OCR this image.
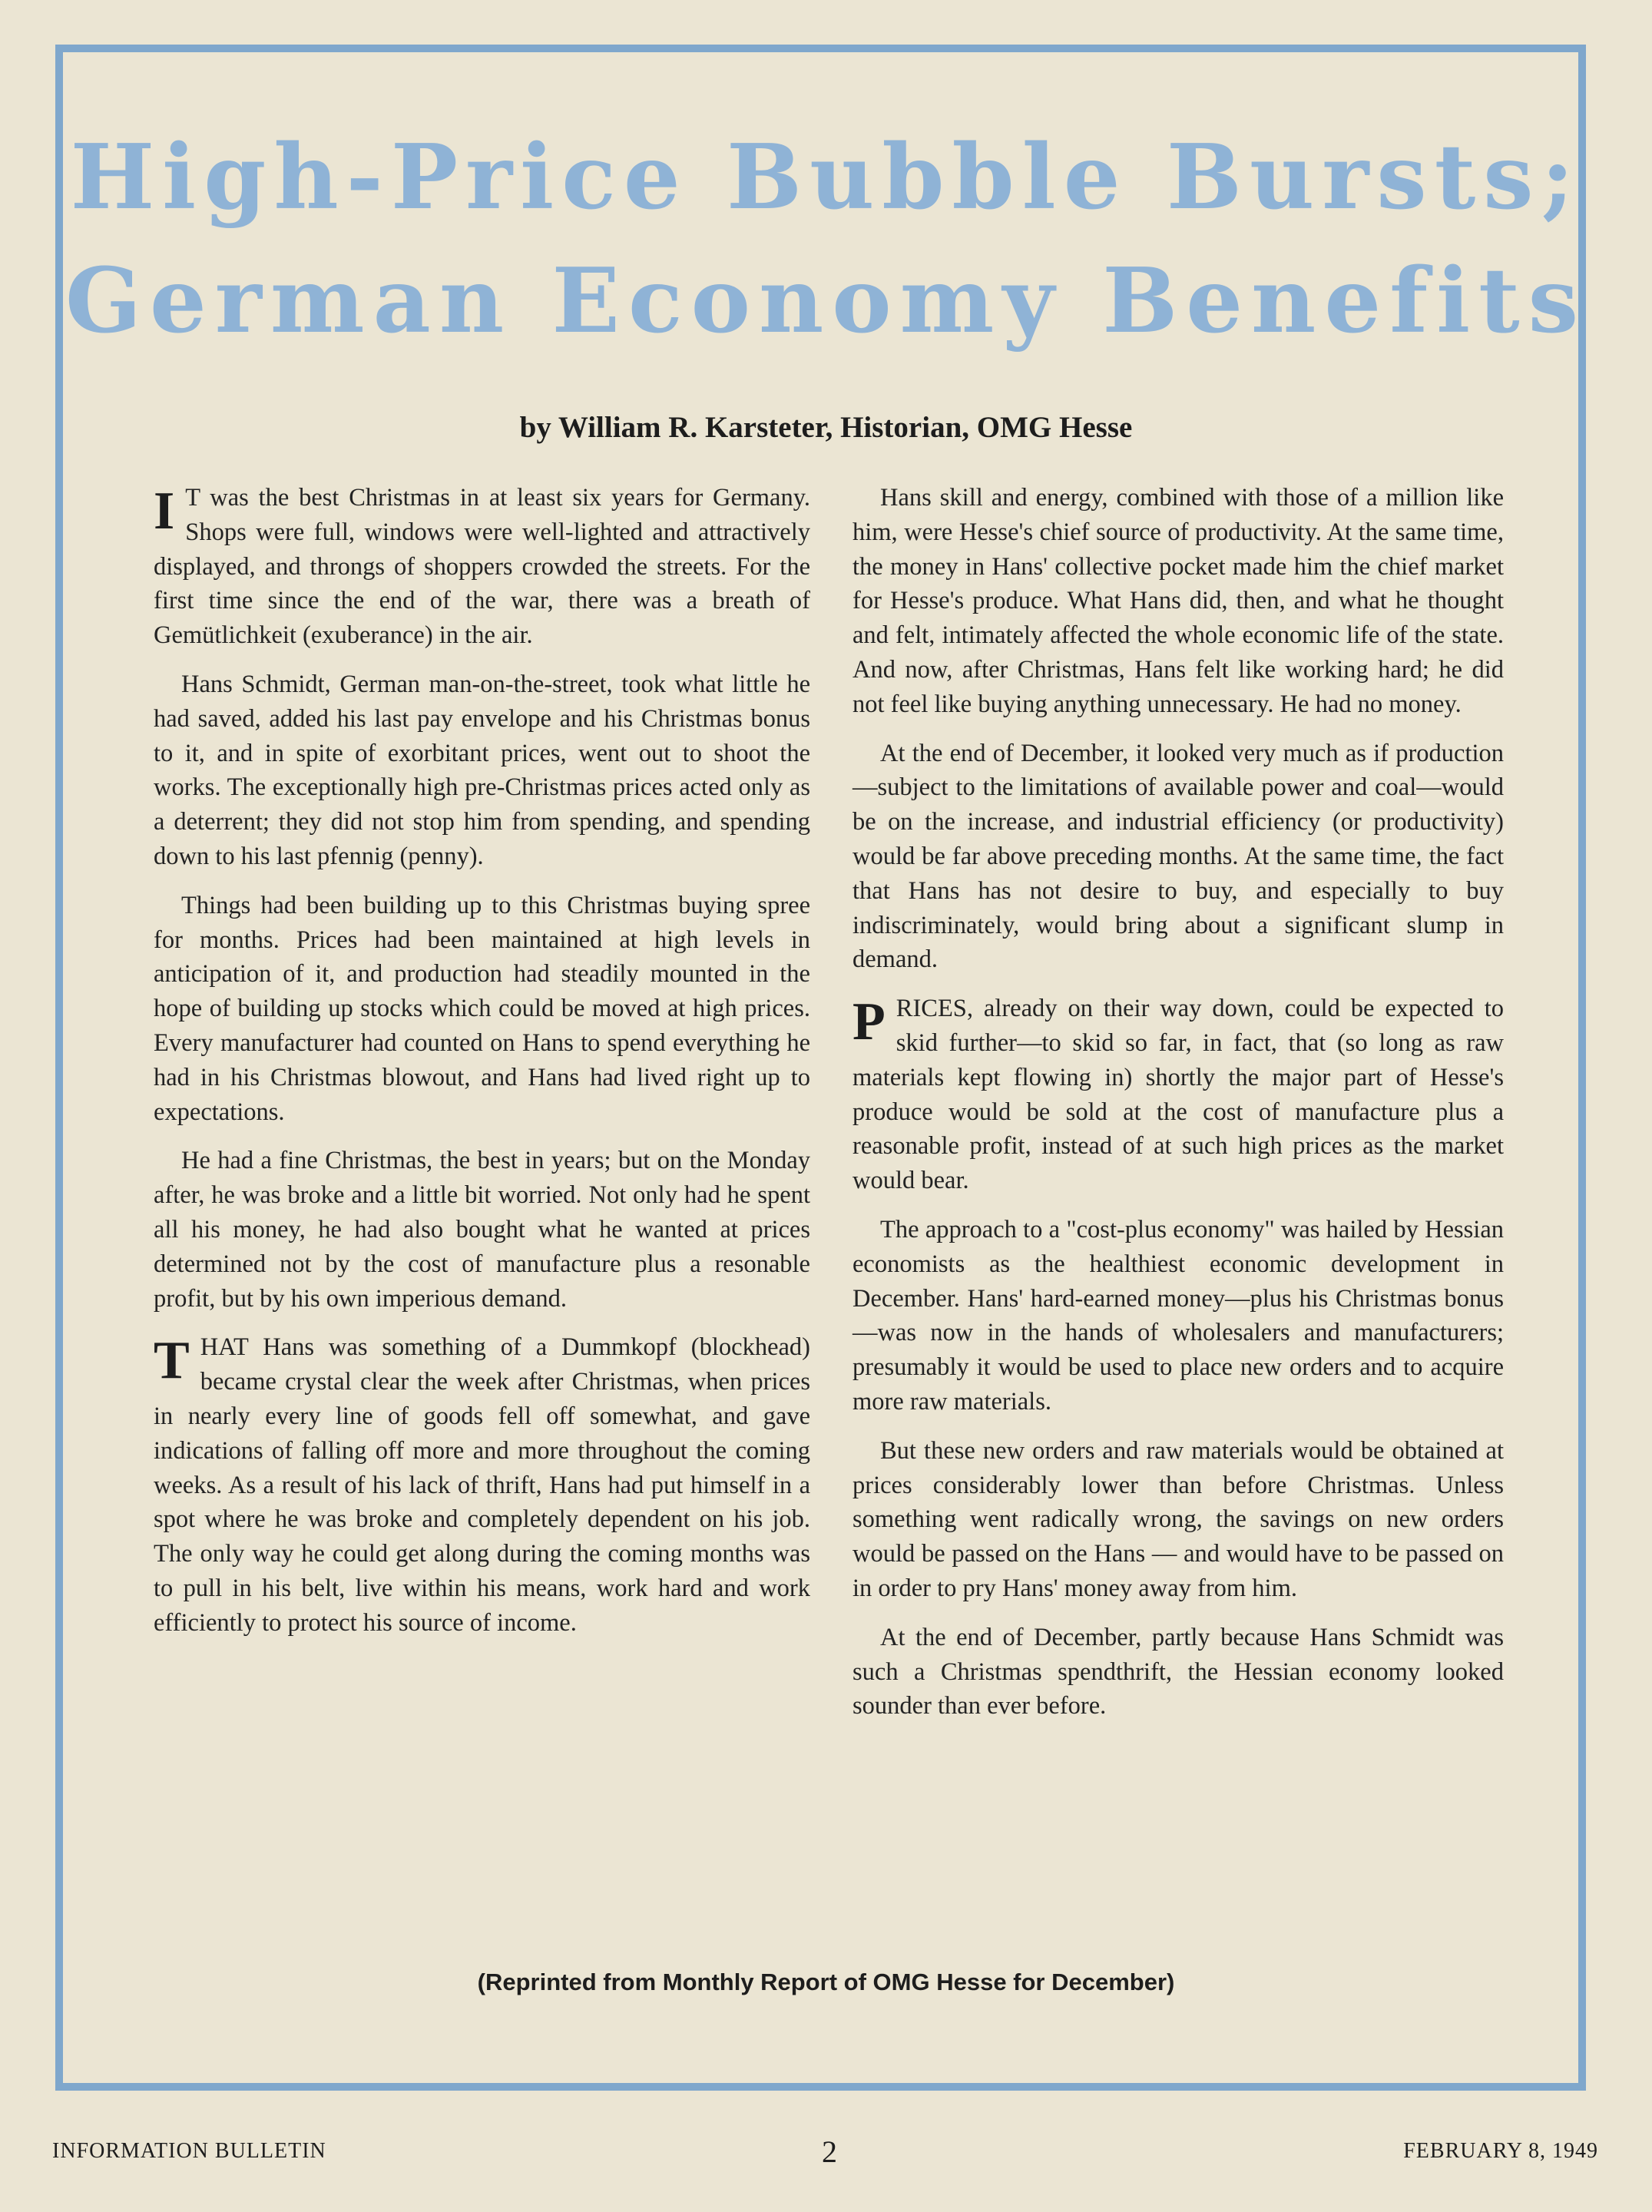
High-Price Bubble Bursts;
German Economy Benefits
by William R. Karsteter, Historian, OMG Hesse

I T was the best Christmas in at least six years for Germany. Shops were full, windows were well-lighted and attractively displayed, and throngs of shoppers crowded the streets. For the first time since the end of the war, there was a breath of Gemütlichkeit (exuberance) in the air.

Hans Schmidt, German man-on-the-street, took what little he had saved, added his last pay envelope and his Christmas bonus to it, and in spite of exorbitant prices, went out to shoot the works. The exceptionally high pre-Christmas prices acted only as a deterrent; they did not stop him from spending, and spending down to his last pfennig (penny).

Things had been building up to this Christmas buying spree for months. Prices had been maintained at high levels in anticipation of it, and production had steadily mounted in the hope of building up stocks which could be moved at high prices. Every manufacturer had counted on Hans to spend everything he had in his Christmas blowout, and Hans had lived right up to expectations.

He had a fine Christmas, the best in years; but on the Monday after, he was broke and a little bit worried. Not only had he spent all his money, he had also bought what he wanted at prices determined not by the cost of manufacture plus a resonable profit, but by his own imperious demand.

THAT Hans was something of a Dummkopf (blockhead) became crystal clear the week after Christmas, when prices in nearly every line of goods fell off somewhat, and gave indications of falling off more and more throughout the coming weeks. As a result of his lack of thrift, Hans had put himself in a spot where he was broke and completely dependent on his job. The only way he could get along during the coming months was to pull in his belt, live within his means, work hard and work efficiently to protect his source of income.

Hans skill and energy, combined with those of a million like him, were Hesse's chief source of productivity. At the same time, the money in Hans' collective pocket made him the chief market for Hesse's produce. What Hans did, then, and what he thought and felt, intimately affected the whole economic life of the state. And now, after Christmas, Hans felt like working hard; he did not feel like buying anything unnecessary. He had no money.

At the end of December, it looked very much as if production—subject to the limitations of available power and coal—would be on the increase, and industrial efficiency (or productivity) would be far above preceding months. At the same time, the fact that Hans has not desire to buy, and especially to buy indiscriminately, would bring about a significant slump in demand.

PRICES, already on their way down, could be expected to skid further—to skid so far, in fact, that (so long as raw materials kept flowing in) shortly the major part of Hesse's produce would be sold at the cost of manufacture plus a reasonable profit, instead of at such high prices as the market would bear.

The approach to a "cost-plus economy" was hailed by Hessian economists as the healthiest economic development in December. Hans' hard-earned money—plus his Christmas bonus—was now in the hands of wholesalers and manufacturers; presumably it would be used to place new orders and to acquire more raw materials.

But these new orders and raw materials would be obtained at prices considerably lower than before Christmas. Unless something went radically wrong, the savings on new orders would be passed on the Hans — and would have to be passed on in order to pry Hans' money away from him.

At the end of December, partly because Hans Schmidt was such a Christmas spendthrift, the Hessian economy looked sounder than ever before.

(Reprinted from Monthly Report of OMG Hesse for December)
INFORMATION BULLETIN	2	FEBRUARY 8, 1949
